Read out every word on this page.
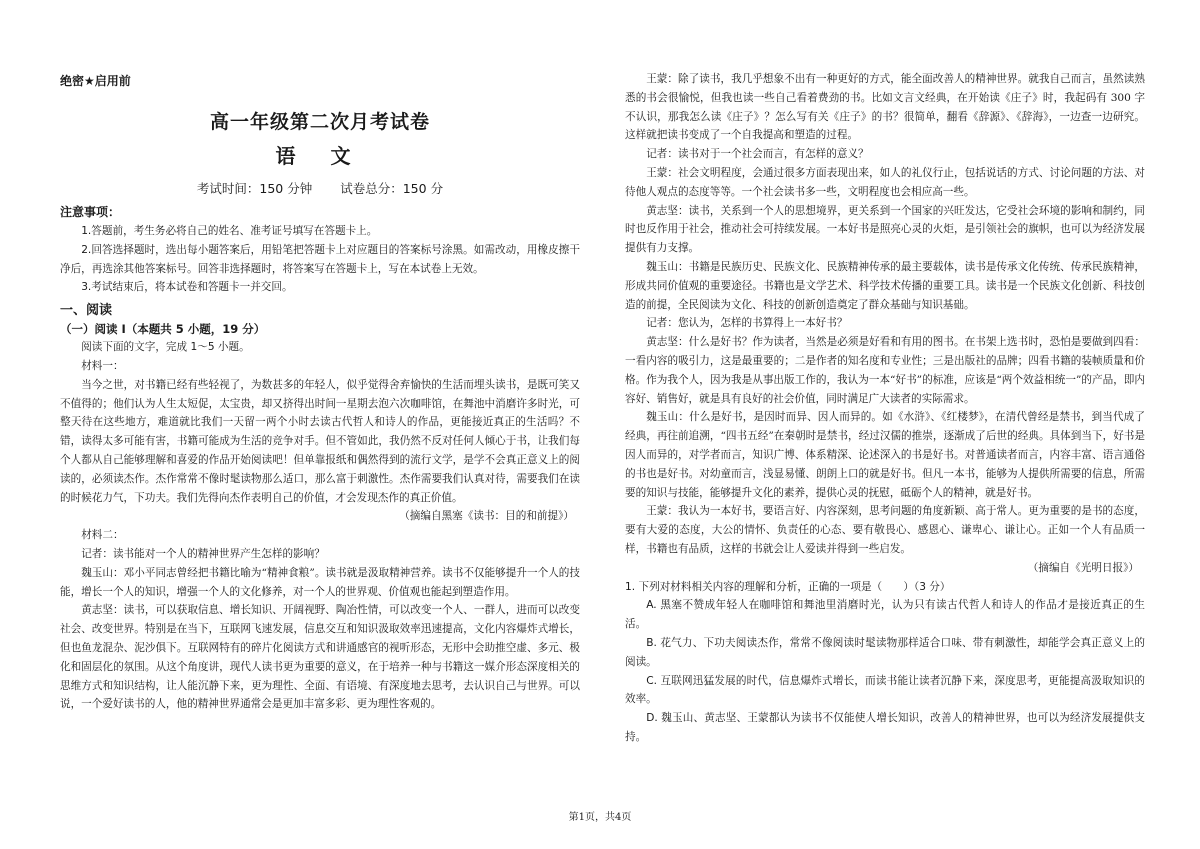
绝密★启用前
高一年级第二次月考试卷
语 文
考试时间：150 分钟 试卷总分：150 分
注意事项：

1.答题前，考生务必将自己的姓名、准考证号填写在答题卡上。

2.回答选择题时，选出每小题答案后，用铅笔把答题卡上对应题目的答案标号涂黑。如需改动，用橡皮擦干净后，再选涂其他答案标号。回答非选择题时，将答案写在答题卡上，写在本试卷上无效。

3.考试结束后，将本试卷和答题卡一并交回。

一、阅读
（一）阅读 I（本题共 5 小题，19 分）

阅读下面的文字，完成 1～5 小题。

材料一：

当今之世，对书籍已经有些轻视了，为数甚多的年轻人，似乎觉得舍弃愉快的生活而埋头读书，是既可笑又不值得的；他们认为人生太短促，太宝贵，却又挤得出时间一星期去泡六次咖啡馆，在舞池中消磨许多时光，可整天待在这些地方，难道就比我们一天留一两个小时去读古代哲人和诗人的作品，更能接近真正的生活吗？不错，读得太多可能有害，书籍可能成为生活的竞争对手。但不管如此，我仍然不反对任何人倾心于书，让我们每个人都从自己能够理解和喜爱的作品开始阅读吧！但单靠报纸和偶然得到的流行文学，是学不会真正意义上的阅读的，必须读杰作。杰作常常不像时髦读物那么适口，那么富于刺激性。杰作需要我们认真对待，需要我们在读的时候花力气，下功夫。我们先得向杰作表明自己的价值，才会发现杰作的真正价值。

（摘编自黑塞《读书：目的和前提》）

材料二：

记者：读书能对一个人的精神世界产生怎样的影响？

魏玉山：邓小平同志曾经把书籍比喻为“精神食粮”。读书就是汲取精神营养。读书不仅能够提升一个人的技能，增长一个人的知识，增强一个人的文化修养，对一个人的世界观、价值观也能起到塑造作用。

黄志坚：读书，可以获取信息、增长知识、开阔视野、陶冶性情，可以改变一个人、一群人，进而可以改变社会、改变世界。特别是在当下，互联网飞速发展，信息交互和知识汲取效率迅速提高，文化内容爆炸式增长，但也鱼龙混杂、泥沙俱下。互联网特有的碎片化阅读方式和讲通感官的视听形态，无形中会助推空虚、多元、极化和固层化的氛围。从这个角度讲，现代人读书更为重要的意义，在于培养一种与书籍这一媒介形态深度相关的思维方式和知识结构，让人能沉静下来，更为理性、全面、有语境、有深度地去思考，去认识自己与世界。可以说，一个爱好读书的人，他的精神世界通常会是更加丰富多彩、更为理性客观的。

王蒙：除了读书，我几乎想象不出有一种更好的方式，能全面改善人的精神世界。就我自己而言，虽然读熟悉的书会很愉悦，但我也读一些自己看着费劲的书。比如文言文经典，在开始读《庄子》时，我起码有 300 字不认识，那我怎么读《庄子》？怎么写有关《庄子》的书？很简单，翻看《辞源》、《辞海》，一边查一边研究。这样就把读书变成了一个自我提高和塑造的过程。

记者：读书对于一个社会而言，有怎样的意义？

王蒙：社会文明程度，会通过很多方面表现出来，如人的礼仪行止，包括说话的方式、讨论问题的方法、对待他人观点的态度等等。一个社会读书多一些，文明程度也会相应高一些。

黄志坚：读书，关系到一个人的思想境界，更关系到一个国家的兴旺发达，它受社会环境的影响和制约，同时也反作用于社会，推动社会可持续发展。一本好书是照亮心灵的火炬，是引领社会的旗帜，也可以为经济发展提供有力支撑。

魏玉山：书籍是民族历史、民族文化、民族精神传承的最主要载体，读书是传承文化传统、传承民族精神，形成共同价值观的重要途径。书籍也是文学艺术、科学技术传播的重要工具。读书是一个民族文化创新、科技创造的前提，全民阅读为文化、科技的创新创造奠定了群众基础与知识基础。

记者：您认为，怎样的书算得上一本好书？

黄志坚：什么是好书？作为读者，当然是必须是好看和有用的图书。在书架上选书时，恐怕是要做到四看：一看内容的吸引力，这是最重要的；二是作者的知名度和专业性；三是出版社的品牌；四看书籍的装帧质量和价格。作为我个人，因为我是从事出版工作的，我认为一本“好书”的标准，应该是“两个效益相统一”的产品，即内容好、销售好，就是具有良好的社会价值，同时满足广大读者的实际需求。

魏玉山：什么是好书，是因时而异、因人而异的。如《水浒》、《红楼梦》，在清代曾经是禁书，到当代成了经典，再往前追溯，“四书五经”在秦朝时是禁书，经过汉儒的推崇，逐渐成了后世的经典。具体到当下，好书是因人而异的，对学者而言，知识广博、体系精深、论述深入的书是好书。对普通读者而言，内容丰富、语言通俗的书也是好书。对幼童而言，浅显易懂、朗朗上口的就是好书。但凡一本书，能够为人提供所需要的信息，所需要的知识与技能，能够提升文化的素养，提供心灵的抚慰，砥砺个人的精神，就是好书。

王蒙：我认为一本好书，要语言好、内容深刻，思考问题的角度新颖、高于常人。更为重要的是书的态度，要有大爱的态度，大公的情怀、负责任的心态、要有敬畏心、感恩心、谦卑心、谦让心。正如一个人有品质一样，书籍也有品质，这样的书就会让人爱读并得到一些启发。

（摘编自《光明日报》）

1. 下列对材料相关内容的理解和分析，正确的一项是（　　）（3 分）

A. 黑塞不赞成年轻人在咖啡馆和舞池里消磨时光，认为只有读古代哲人和诗人的作品才是接近真正的生活。

B. 花气力、下功夫阅读杰作，常常不像阅读时髦读物那样适合口味、带有刺激性，却能学会真正意义上的阅读。

C. 互联网迅猛发展的时代，信息爆炸式增长，而读书能让读者沉静下来，深度思考，更能提高汲取知识的效率。

D. 魏玉山、黄志坚、王蒙都认为读书不仅能使人增长知识，改善人的精神世界，也可以为经济发展提供支持。

第1页，共4页
